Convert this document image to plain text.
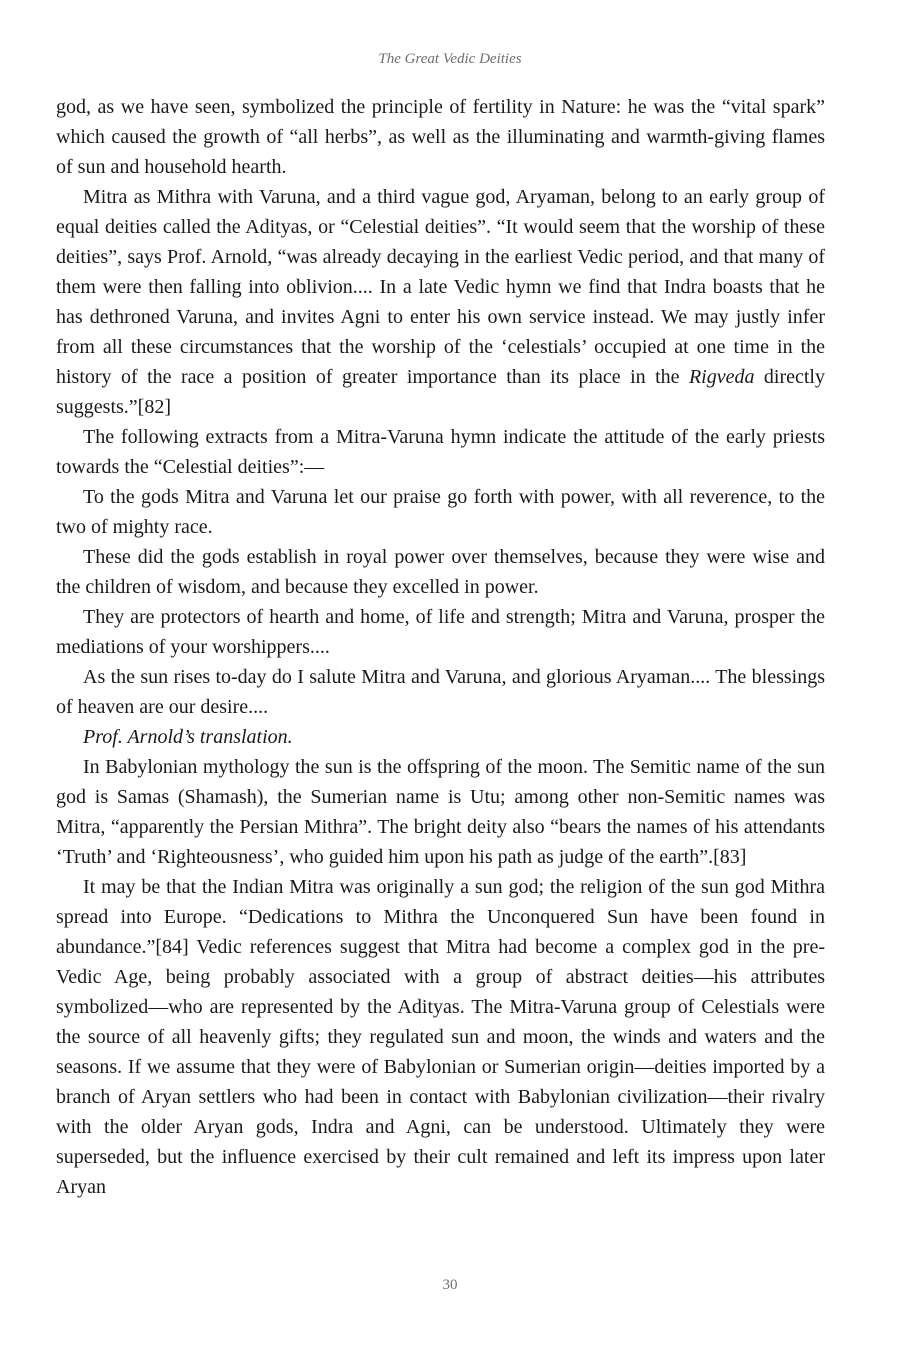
The Great Vedic Deities

god, as we have seen, symbolized the principle of fertility in Nature: he was the “vital spark” which caused the growth of “all herbs”, as well as the illuminating and warmth-giving flames of sun and household hearth.

Mitra as Mithra with Varuna, and a third vague god, Aryaman, belong to an early group of equal deities called the Adityas, or “Celestial deities”. “It would seem that the worship of these deities”, says Prof. Arnold, “was already decaying in the earliest Vedic period, and that many of them were then falling into oblivion.... In a late Vedic hymn we find that Indra boasts that he has dethroned Varuna, and invites Agni to enter his own service instead. We may justly infer from all these circumstances that the worship of the ‘celestials’ occupied at one time in the history of the race a position of greater importance than its place in the Rigveda directly suggests.”[82]

The following extracts from a Mitra-Varuna hymn indicate the attitude of the early priests towards the “Celestial deities”:—

To the gods Mitra and Varuna let our praise go forth with power, with all reverence, to the two of mighty race.

These did the gods establish in royal power over themselves, because they were wise and the children of wisdom, and because they excelled in power.

They are protectors of hearth and home, of life and strength; Mitra and Varuna, prosper the mediations of your worshippers....

As the sun rises to-day do I salute Mitra and Varuna, and glorious Aryaman.... The blessings of heaven are our desire....

Prof. Arnold’s translation.

In Babylonian mythology the sun is the offspring of the moon. The Semitic name of the sun god is Samas (Shamash), the Sumerian name is Utu; among other non-Semitic names was Mitra, “apparently the Persian Mithra”. The bright deity also “bears the names of his attendants ‘Truth’ and ‘Righteousness’, who guided him upon his path as judge of the earth”.[83]

It may be that the Indian Mitra was originally a sun god; the religion of the sun god Mithra spread into Europe. “Dedications to Mithra the Unconquered Sun have been found in abundance.”[84] Vedic references suggest that Mitra had become a complex god in the pre-Vedic Age, being probably associated with a group of abstract deities—his attributes symbolized—who are represented by the Adityas. The Mitra-Varuna group of Celestials were the source of all heavenly gifts; they regulated sun and moon, the winds and waters and the seasons. If we assume that they were of Babylonian or Sumerian origin—deities imported by a branch of Aryan settlers who had been in contact with Babylonian civilization—their rivalry with the older Aryan gods, Indra and Agni, can be understood. Ultimately they were superseded, but the influence exercised by their cult remained and left its impress upon later Aryan

30
